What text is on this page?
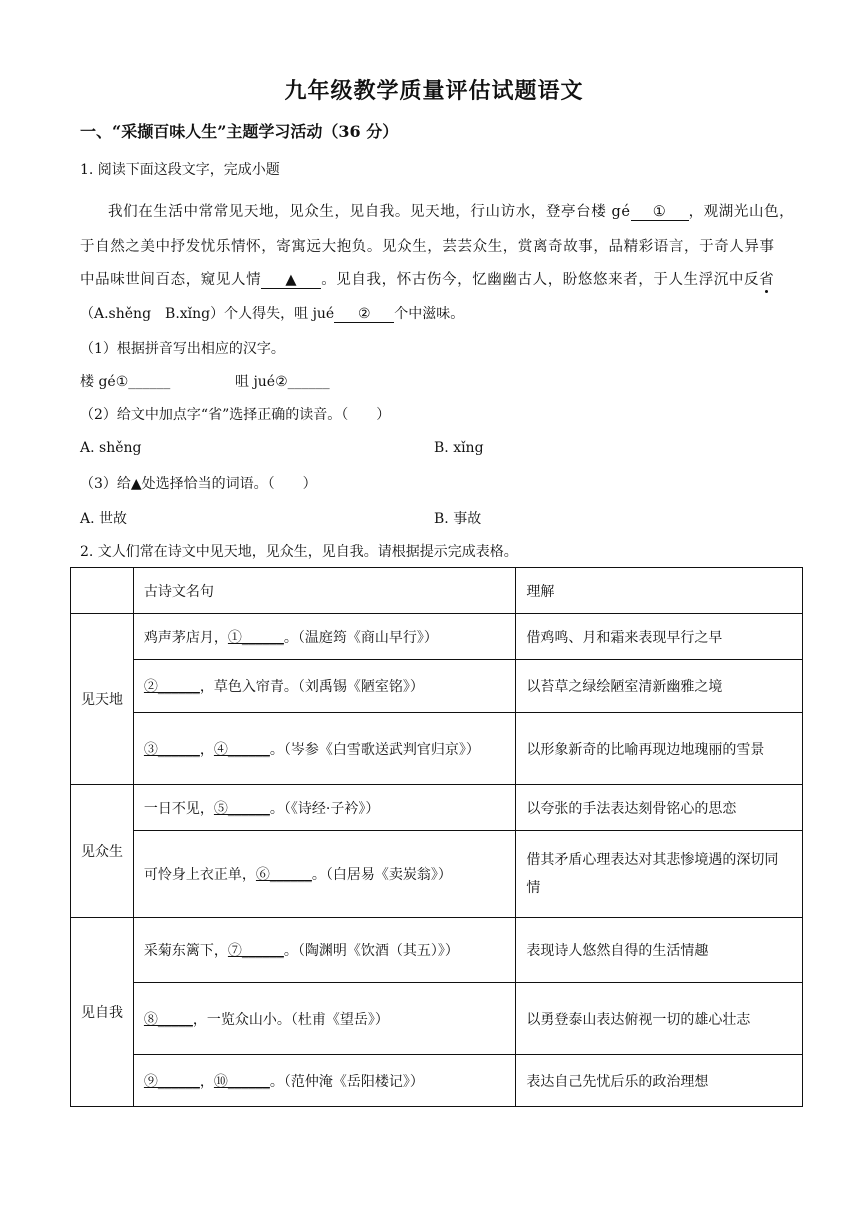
九年级教学质量评估试题语文
一、“采撷百味人生”主题学习活动（36 分）
1. 阅读下面这段文字，完成小题
我们在生活中常常见天地，见众生，见自我。见天地，行山访水，登亭台楼 gé ① ，观湖光山色，
于自然之美中抒发忧乐情怀，寄寓远大抱负。见众生，芸芸众生，赏离奇故事，品精彩语言，于奇人异事
中品味世间百态，窥见人情 ▲ 。见自我，怀古伤今，忆幽幽古人，盼悠悠来者，于人生浮沉中反省
（A.shěng　B.xǐng）个人得失，咀 jué ② 个中滋味。
（1）根据拼音写出相应的汉字。
楼 gé①______	咀 jué②______
（2）给文中加点字“省”选择正确的读音。（　　）
A. shěng	B. xǐng
（3）给▲处选择恰当的词语。（　　）
A. 世故	B. 事故
2. 文人们常在诗文中见天地，见众生，见自我。请根据提示完成表格。
	古诗文名句	理解
见天地	鸡声茅店月，①______。（温庭筠《商山早行》）	借鸡鸣、月和霜来表现早行之早
	②______，草色入帘青。（刘禹锡《陋室铭》）	以苔草之绿绘陋室清新幽雅之境
	③______，④______。（岑参《白雪歌送武判官归京》）	以形象新奇的比喻再现边地瑰丽的雪景
见众生	一日不见，⑤______。（《诗经·子衿》）	以夸张的手法表达刻骨铭心的思恋
	可怜身上衣正单，⑥______。（白居易《卖炭翁》）	借其矛盾心理表达对其悲惨境遇的深切同情
见自我	采菊东篱下，⑦______。（陶渊明《饮酒（其五）》）	表现诗人悠然自得的生活情趣
	⑧_____，一览众山小。（杜甫《望岳》）	以勇登泰山表达俯视一切的雄心壮志
	⑨______，⑩______。（范仲淹《岳阳楼记》）	表达自己先忧后乐的政治理想
